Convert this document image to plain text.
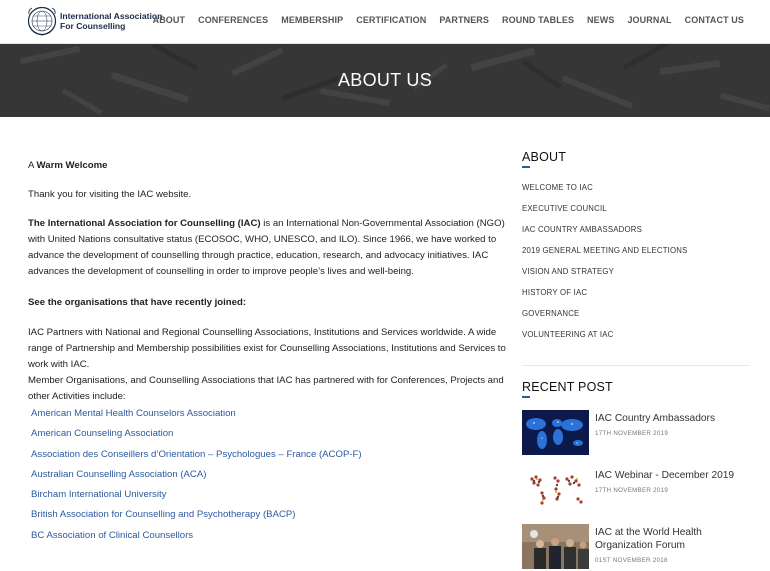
International Association
For Counselling
ABOUT CONFERENCES MEMBERSHIP CERTIFICATION PARTNERS ROUND TABLES NEWS JOURNAL CONTACT US
ABOUT US

A Warm Welcome

Thank you for visiting the IAC website.

The International Association for Counselling (IAC) is an International Non-Governmental Association (NGO) with United Nations consultative status (ECOSOC, WHO, UNESCO, and ILO). Since 1966, we have worked to advance the development of counselling through practice, education, research, and advocacy initiatives. IAC advances the development of counselling in order to improve people’s lives and well-being.

See the organisations that have recently joined:

IAC Partners with National and Regional Counselling Associations, Institutions and Services worldwide. A wide range of Partnership and Membership possibilities exist for Counselling Associations, Institutions and Services to work with IAC.

Member Organisations, and Counselling Associations that IAC has partnered with for Conferences, Projects and other Activities include:

American Mental Health Counselors Association
American Counseling Association
Association des Conseillers d’Orientation – Psychologues – France (ACOP-F)
Australian Counselling Association (ACA)
Bircham International University
British Association for Counselling and Psychotherapy (BACP)
BC Association of Clinical Counsellors
ABOUT
WELCOME TO IAC
EXECUTIVE COUNCIL
IAC COUNTRY AMBASSADORS
2019 GENERAL MEETING AND ELECTIONS
VISION AND STRATEGY
HISTORY OF IAC
GOVERNANCE
VOLUNTEERING AT IAC
RECENT POST
IAC Country Ambassadors
17TH NOVEMBER 2019
IAC Webinar - December 2019
17TH NOVEMBER 2019
IAC at the World Health Organization Forum
01ST NOVEMBER 2018
